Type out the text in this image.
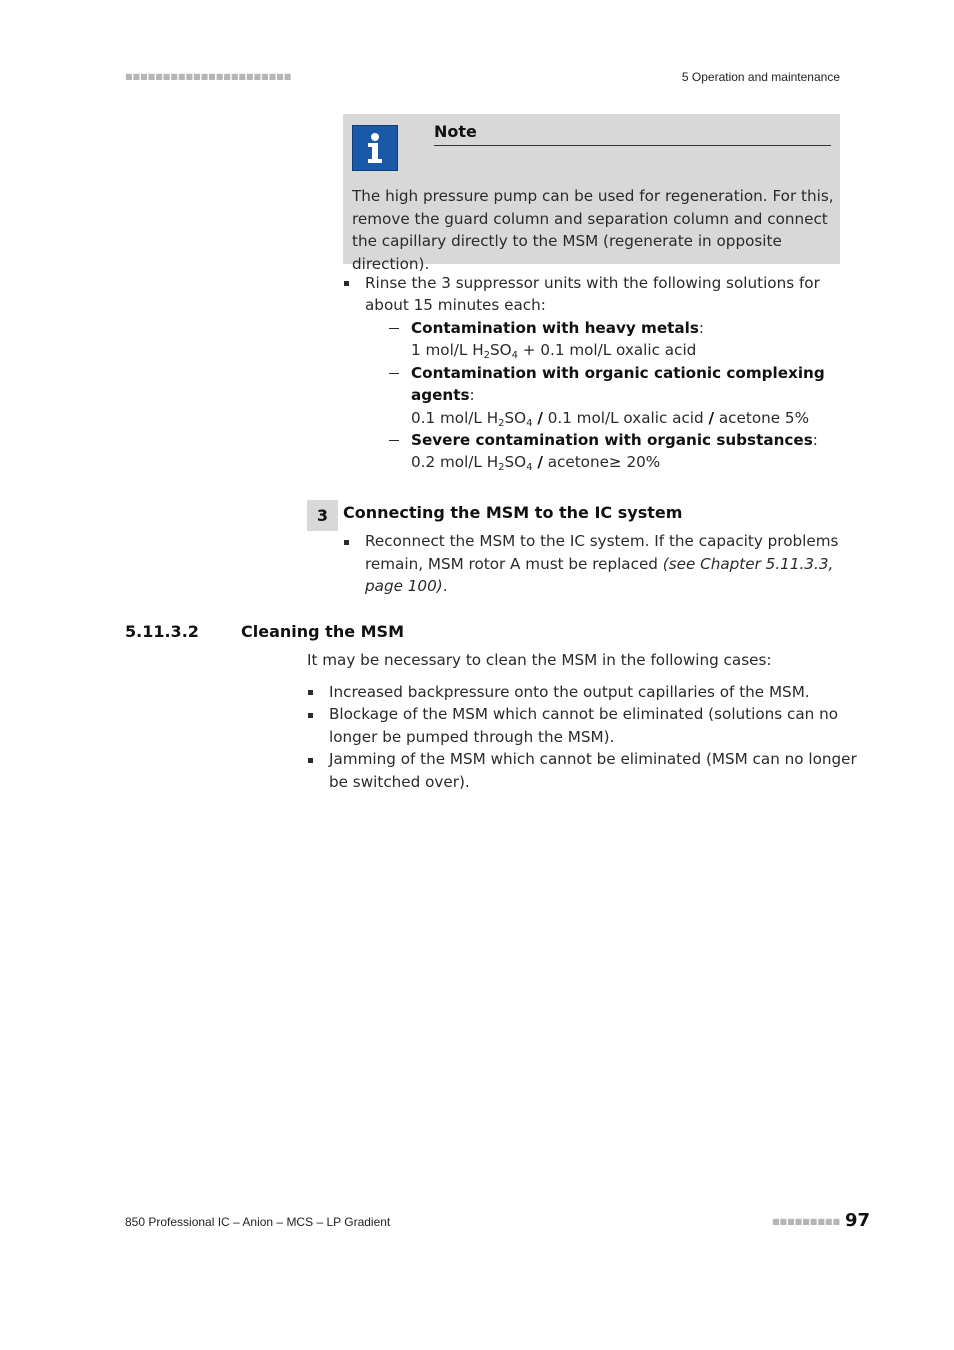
■■■■■■■■■■■■■■■■■■■■■■	5 Operation and maintenance
Note
The high pressure pump can be used for regeneration. For this, remove the guard column and separation column and connect the capillary directly to the MSM (regenerate in opposite direction).
Rinse the 3 suppressor units with the following solutions for
about 15 minutes each:
Contamination with heavy metals:
1 mol/L $H_2SO_4 + 0.1$ mol/L oxalic acid
Contamination with organic cationic complexing
agents:
0.1 mol/L $H_2SO_4 / 0.1$ mol/L oxalic acid / acetone 5%
Severe contamination with organic substances:
0.2 mol/L $H_2SO_4$ / acetone≥ 20%
3 Connecting the MSM to the IC system
Reconnect the MSM to the IC system. If the capacity problems
remain, MSM rotor A must be replaced (see Chapter 5.11.3.3,
page 100).
5.11.3.2	Cleaning the MSM
It may be necessary to clean the MSM in the following cases:
Increased backpressure onto the output capillaries of the MSM.
Blockage of the MSM which cannot be eliminated (solutions can no
longer be pumped through the MSM).
Jamming of the MSM which cannot be eliminated (MSM can no longer
be switched over).
850 Professional IC – Anion – MCS – LP Gradient	■■■■■■■■■ 97
